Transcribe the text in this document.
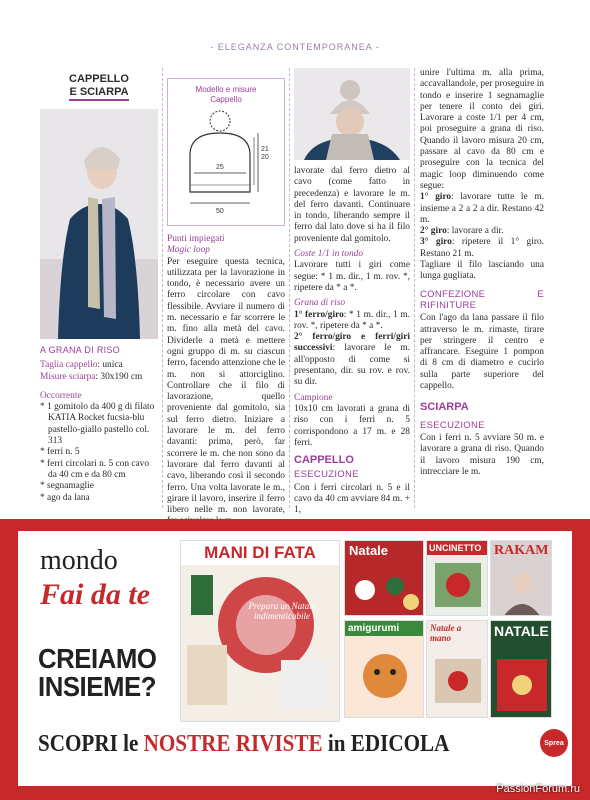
- ELEGANZA CONTEMPORANEA -
CAPPELLO
E SCIARPA
A GRANA DI RISO
Taglia cappello: unica
Misure sciarpa: 30x190 cm
Occorrente
* 1 gomitolo da 400 g di filato KATIA Rocket fucsia-blu pastello-giallo pastello col. 313
* ferri n. 5
* ferri circolari n. 5 con cavo da 40 cm e da 80 cm
* segnamaglie
* ago da lana
Modello e misure
Cappello
25
50
21
20
Punti impiegati
Magic loop
Per eseguire questa tecnica, utilizzata per la lavorazione in tondo, è necessario avere un ferro circolare con cavo flessibile. Avviare il numero di m. necessario e far scorrere le m. fino alla metà del cavo. Dividerle a metà e mettere ogni gruppo di m. su ciascun ferro, facendo attenzione che le m. non si attorciglino. Controllare che il filo di lavorazione, quello proveniente dal gomitolo, sia sul ferro dietro. Iniziare a lavorare le m. del ferro davanti: prima, però, far scorrere le m. che non sono da lavorare dal ferro davanti al cavo, liberando così il secondo ferro. Una volta lavorate le m., girare il lavoro, inserire il ferro libero nelle m. non lavorate,
lavorate dal ferro dietro al cavo (come fatto in precedenza) e lavorare le m. del ferro davanti. Continuare in tondo, liberando sempre il ferro dal lato dove si ha il filo proveniente dal gomitolo.
Coste 1/1 in tondo
Lavorare tutti i giri come segue: * 1 m. dir., 1 m. rov. *, ripetere da * a *.
Grana di riso
1° ferro/giro: * 1 m. dir., 1 m. rov. *, ripetere da * a *.
2° ferro/giro e ferri/giri successivi: lavorare le m. all'opposto di come si presentano, dir. su rov. e rov. su dir.
Campione
10x10 cm lavorati a grana di riso con i ferri n. 5 corrispondono a 17 m. e 28 ferri.
CAPPELLO
ESECUZIONE
Con i ferri circolari n. 5 e il cavo da 40 cm avviare 84 m. + 1,
unire l'ultima m. alla prima, accavallandole, per proseguire in tondo e inserire 1 segnamaglie per tenere il conto dei giri. Lavorare a coste 1/1 per 4 cm, poi proseguire a grana di riso. Quando il lavoro misura 20 cm, passare al cavo da 80 cm e proseguire con la tecnica del magic loop diminuendo come segue:
1° giro: lavorare tutte le m. insieme a 2 a 2 a dir. Restano 42 m.
2° giro: lavorare a dir.
3° giro: ripetere il 1° giro. Restano 21 m.
Tagliare il filo lasciando una lunga gugliata.
CONFEZIONE E RIFINITURE
Con l'ago da lana passare il filo attraverso le m. rimaste, tirare per stringere il centro e affrancare. Eseguire 1 pompon di 8 cm di diametro e cucirlo sulla parte superiore del cappello.
SCIARPA
ESECUZIONE
Con i ferri n. 5 avviare 50 m. e lavorare a grana di riso. Quando il lavoro misura 190 cm, intrecciare le m.
mondo
Fai da te
CREIAMO
INSIEME?
MANI DI FATA
Prepara un Natale indimenticabile
Natale	UNCINETTO RAKAM
amigurumi	Natale a mano	NATALE
SCOPRI le NOSTRE RIVISTE in EDICOLA	Sprea
PassionForum.ru
